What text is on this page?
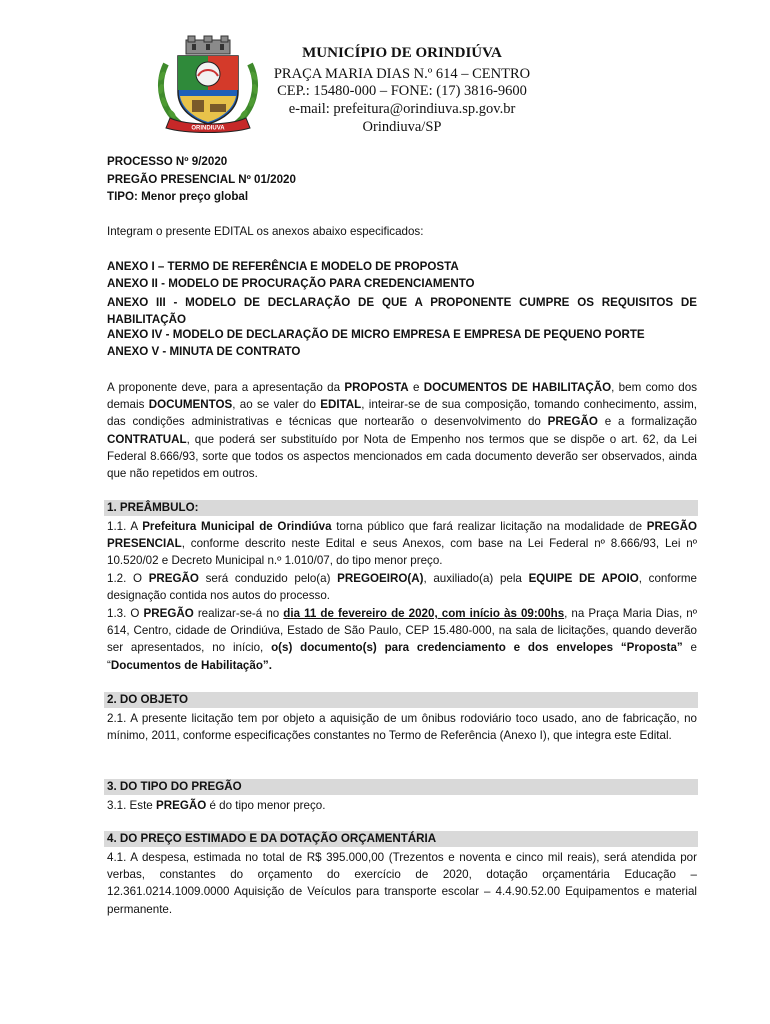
ORINDIUVA
MUNICÍPIO DE ORINDIÚVA
PRAÇA MARIA DIAS N.º 614 – CENTRO
CEP.: 15480-000 – FONE: (17) 3816-9600
e-mail: prefeitura@orindiuva.sp.gov.br
Orindiuva/SP
PROCESSO Nº 9/2020
PREGÃO PRESENCIAL Nº 01/2020
TIPO: Menor preço global
Integram o presente EDITAL os anexos abaixo especificados:
ANEXO I – TERMO DE REFERÊNCIA E MODELO DE PROPOSTA
ANEXO II - MODELO DE PROCURAÇÃO PARA CREDENCIAMENTO
ANEXO III - MODELO DE DECLARAÇÃO DE QUE A PROPONENTE CUMPRE OS REQUISITOS DE HABILITAÇÃO
ANEXO IV - MODELO DE DECLARAÇÃO DE MICRO EMPRESA E EMPRESA DE PEQUENO PORTE
ANEXO V - MINUTA DE CONTRATO
A proponente deve, para a apresentação da PROPOSTA e DOCUMENTOS DE HABILITAÇÃO, bem como dos demais DOCUMENTOS, ao se valer do EDITAL, inteirar-se de sua composição, tomando conhecimento, assim, das condições administrativas e técnicas que nortearão o desenvolvimento do PREGÃO e a formalização CONTRATUAL, que poderá ser substituído por Nota de Empenho nos termos que se dispõe o art. 62, da Lei Federal 8.666/93, sorte que todos os aspectos mencionados em cada documento deverão ser observados, ainda que não repetidos em outros.
1. PREÂMBULO:
1.1. A Prefeitura Municipal de Orindiúva torna público que fará realizar licitação na modalidade de PREGÃO PRESENCIAL, conforme descrito neste Edital e seus Anexos, com base na Lei Federal nº 8.666/93, Lei nº 10.520/02 e Decreto Municipal n.º 1.010/07, do tipo menor preço.
1.2. O PREGÃO será conduzido pelo(a) PREGOEIRO(A), auxiliado(a) pela EQUIPE DE APOIO, conforme designação contida nos autos do processo.
1.3. O PREGÃO realizar-se-á no dia 11 de fevereiro de 2020, com início às 09:00hs, na Praça Maria Dias, nº 614, Centro, cidade de Orindiúva, Estado de São Paulo, CEP 15.480-000, na sala de licitações, quando deverão ser apresentados, no início, o(s) documento(s) para credenciamento e dos envelopes “Proposta” e “Documentos de Habilitação”.
2. DO OBJETO
2.1. A presente licitação tem por objeto a aquisição de um ônibus rodoviário toco usado, ano de fabricação, no mínimo, 2011, conforme especificações constantes no Termo de Referência (Anexo I), que integra este Edital.
3. DO TIPO DO PREGÃO
3.1. Este PREGÃO é do tipo menor preço.
4. DO PREÇO ESTIMADO E DA DOTAÇÃO ORÇAMENTÁRIA
4.1. A despesa, estimada no total de R$ 395.000,00 (Trezentos e noventa e cinco mil reais), será atendida por verbas, constantes do orçamento do exercício de 2020, dotação orçamentária Educação – 12.361.0214.1009.0000 Aquisição de Veículos para transporte escolar – 4.4.90.52.00 Equipamentos e material permanente.
